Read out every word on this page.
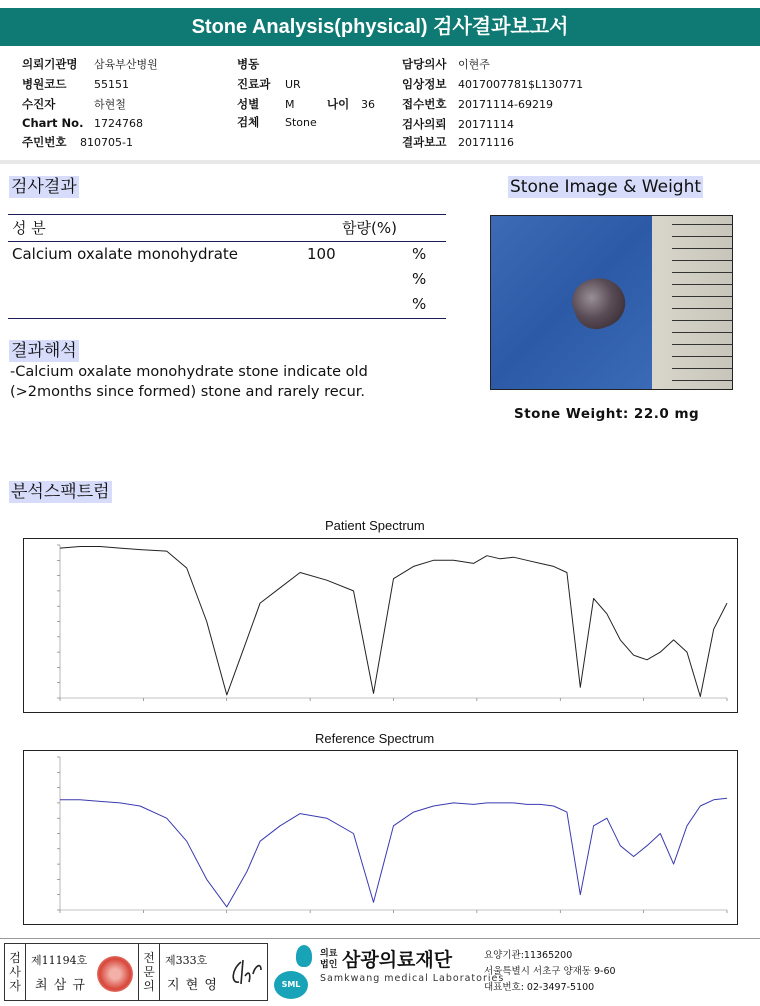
Stone Analysis(physical) 검사결과보고서
의뢰기관명 삼육부산병원
병원코드	55151
수진자	하현철
Chart No. 1724768
주민번호 810705-1
병동
진료과 UR
성별 M	나이 36
검체 Stone
담당의사 이현주
임상정보 4017007781$L130771
접수번호 20171114-69219
검사의뢰 20171114
결과보고 20171116
검사결과
성 분	함량(%)
Calcium oxalate monohydrate	100	%
%
%
결과해석
-Calcium oxalate monohydrate stone indicate old
(>2months since formed) stone and rarely recur.
Stone Image & Weight
Stone Weight: 22.0 mg
분석스팩트럼
Patient Spectrum
Reference Spectrum
검사자
제11194호
최 삼 규
전문의
제333호
지 현 영	SML
의료법인 삼광의료재단
Samkwang medical Laboratories
요양기관:11365200
서울특별시 서초구 양재동 9-60
대표번호: 02-3497-5100
